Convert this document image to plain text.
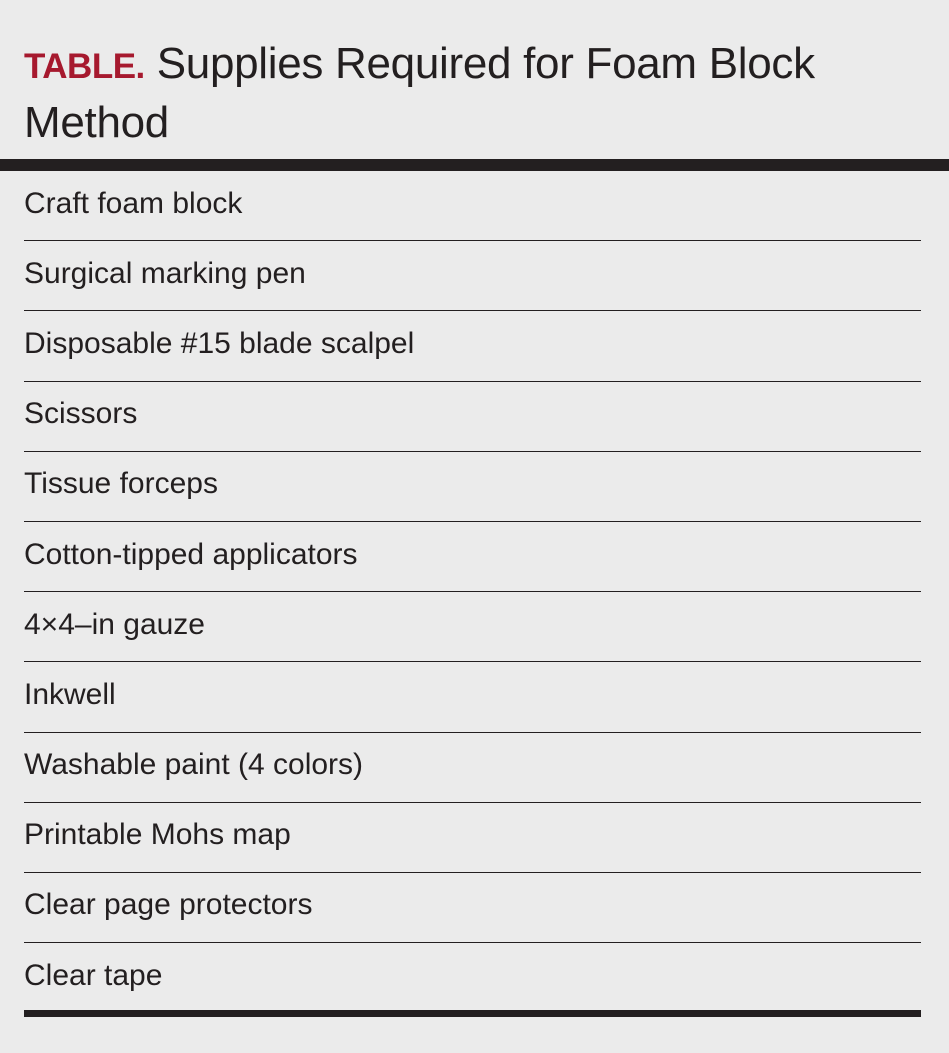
TABLE. Supplies Required for Foam Block Method
Craft foam block
Surgical marking pen
Disposable #15 blade scalpel
Scissors
Tissue forceps
Cotton-tipped applicators
4×4–in gauze
Inkwell
Washable paint (4 colors)
Printable Mohs map
Clear page protectors
Clear tape
